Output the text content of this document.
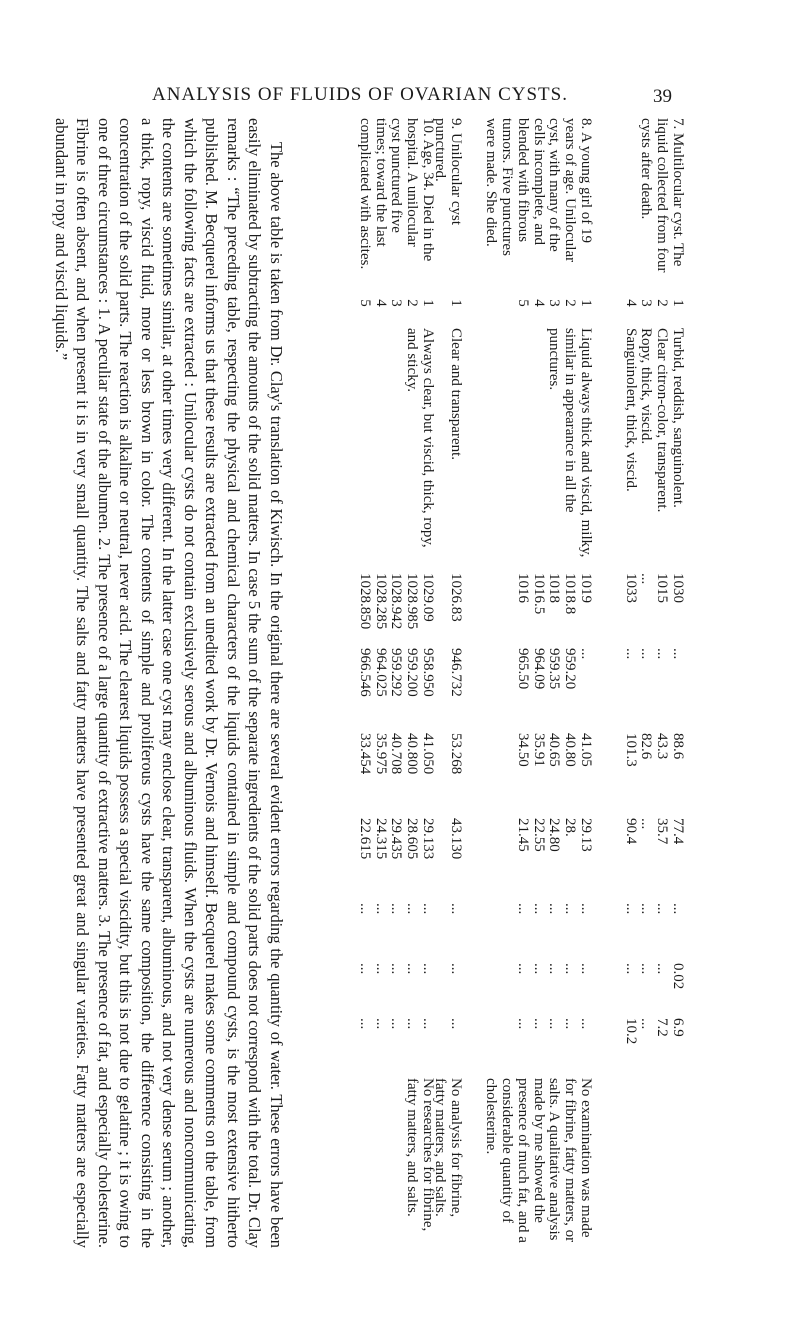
ANALYSIS OF FLUIDS OF OVARIAN CYSTS.	39
7. Multilocular cyst. The liquid collected from four cysts after death.
1
2
3
4
Turbid, reddish, sanguinolent.
Clear citron-color, transparent.
Ropy, thick, viscid.
Sanguinolent, thick, viscid.
1030
1015
...
1033
...
...
...
...
88.6
43.3
82.6
101.3
77.4
35.7
...
90.4
...
...
...
...
0.02
...
...
...
6.9
7.2
...
10.2
8. A young girl of 19 years of age. Unilocular cyst, with many of the cells incomplete, and blended with fibrous tumors. Five punctures were made. She died.
1
2
3
4
5
Liquid always thick and viscid, milky, similar in appearance in all the punctures.
1019
1018.8
1018
1016.5
1016
...
959.20
959.35
964.09
965.50
41.05
40.80
40.65
35.91
34.50
29.13
28.
24.80
22.55
21.45
...
...
...
...
...
...
...
...
...
...
...
...
...
...
...
No examination was made for fibrine, fatty matters, or salts. A qualitative analysis made by me showed the presence of much fat, and a considerable quantity of cholesterine.
9. Unilocular cyst punctured.
1
Clear and transparent.
1026.83
946.732
53.268
43.130
...
...
...
No analysis for fibrine, fatty matters, and salts.
10. Age, 34. Died in the hospital. A unilocular cyst punctured five times; toward the last complicated with ascites.
1
2
3
4
5
Always clear, but viscid, thick, ropy, and sticky.
1029.09
1028.985
1028.942
1028.285
1028.850
958.950
959.200
959.292
964.025
966.546
41.050
40.800
40.708
35.975
33.454
29.133
28.605
29.435
24.315
22.615
...
...
...
...
...
...
...
...
...
...
...
...
...
...
...
No researches for fibrine, fatty matters, and salts.

The above table is taken from Dr. Clay's translation of Kiwisch. In the original there are several evident errors regarding the quantity of water. These errors have been easily eliminated by subtracting the amounts of the solid matters. In case 5 the sum of the separate ingredients of the solid parts does not correspond with the total. Dr. Clay remarks : “The preceding table, respecting the physical and chemical characters of the liquids contained in simple and compound cysts, is the most extensive hitherto published. M. Becquerel informs us that these results are extracted from an unedited work by Dr. Vernois and himself. Becquerel makes some comments on the table, from which the following facts are extracted : Unilocular cysts do not contain exclusively serous and albuminous fluids. When the cysts are numerous and noncommunicating, the contents are sometimes similar, at other times very different. In the latter case one cyst may enclose clear, transparent, albuminous, and not very dense serum ; another, a thick, ropy, viscid fluid, more or less brown in color. The contents of simple and proliferous cysts have the same composition, the difference consisting in the concentration of the solid parts. The reaction is alkaline or neutral, never acid. The clearest liquids possess a special viscidity, but this is not due to gelatine ; it is owing to one of three circumstances : 1. A peculiar state of the albumen. 2. The presence of a large quantity of extractive matters. 3. The presence of fat, and especially cholesterine. Fibrine is often absent, and when present it is in very small quantity. The salts and fatty matters have presented great and singular varieties. Fatty matters are especially abundant in ropy and viscid liquids.”
